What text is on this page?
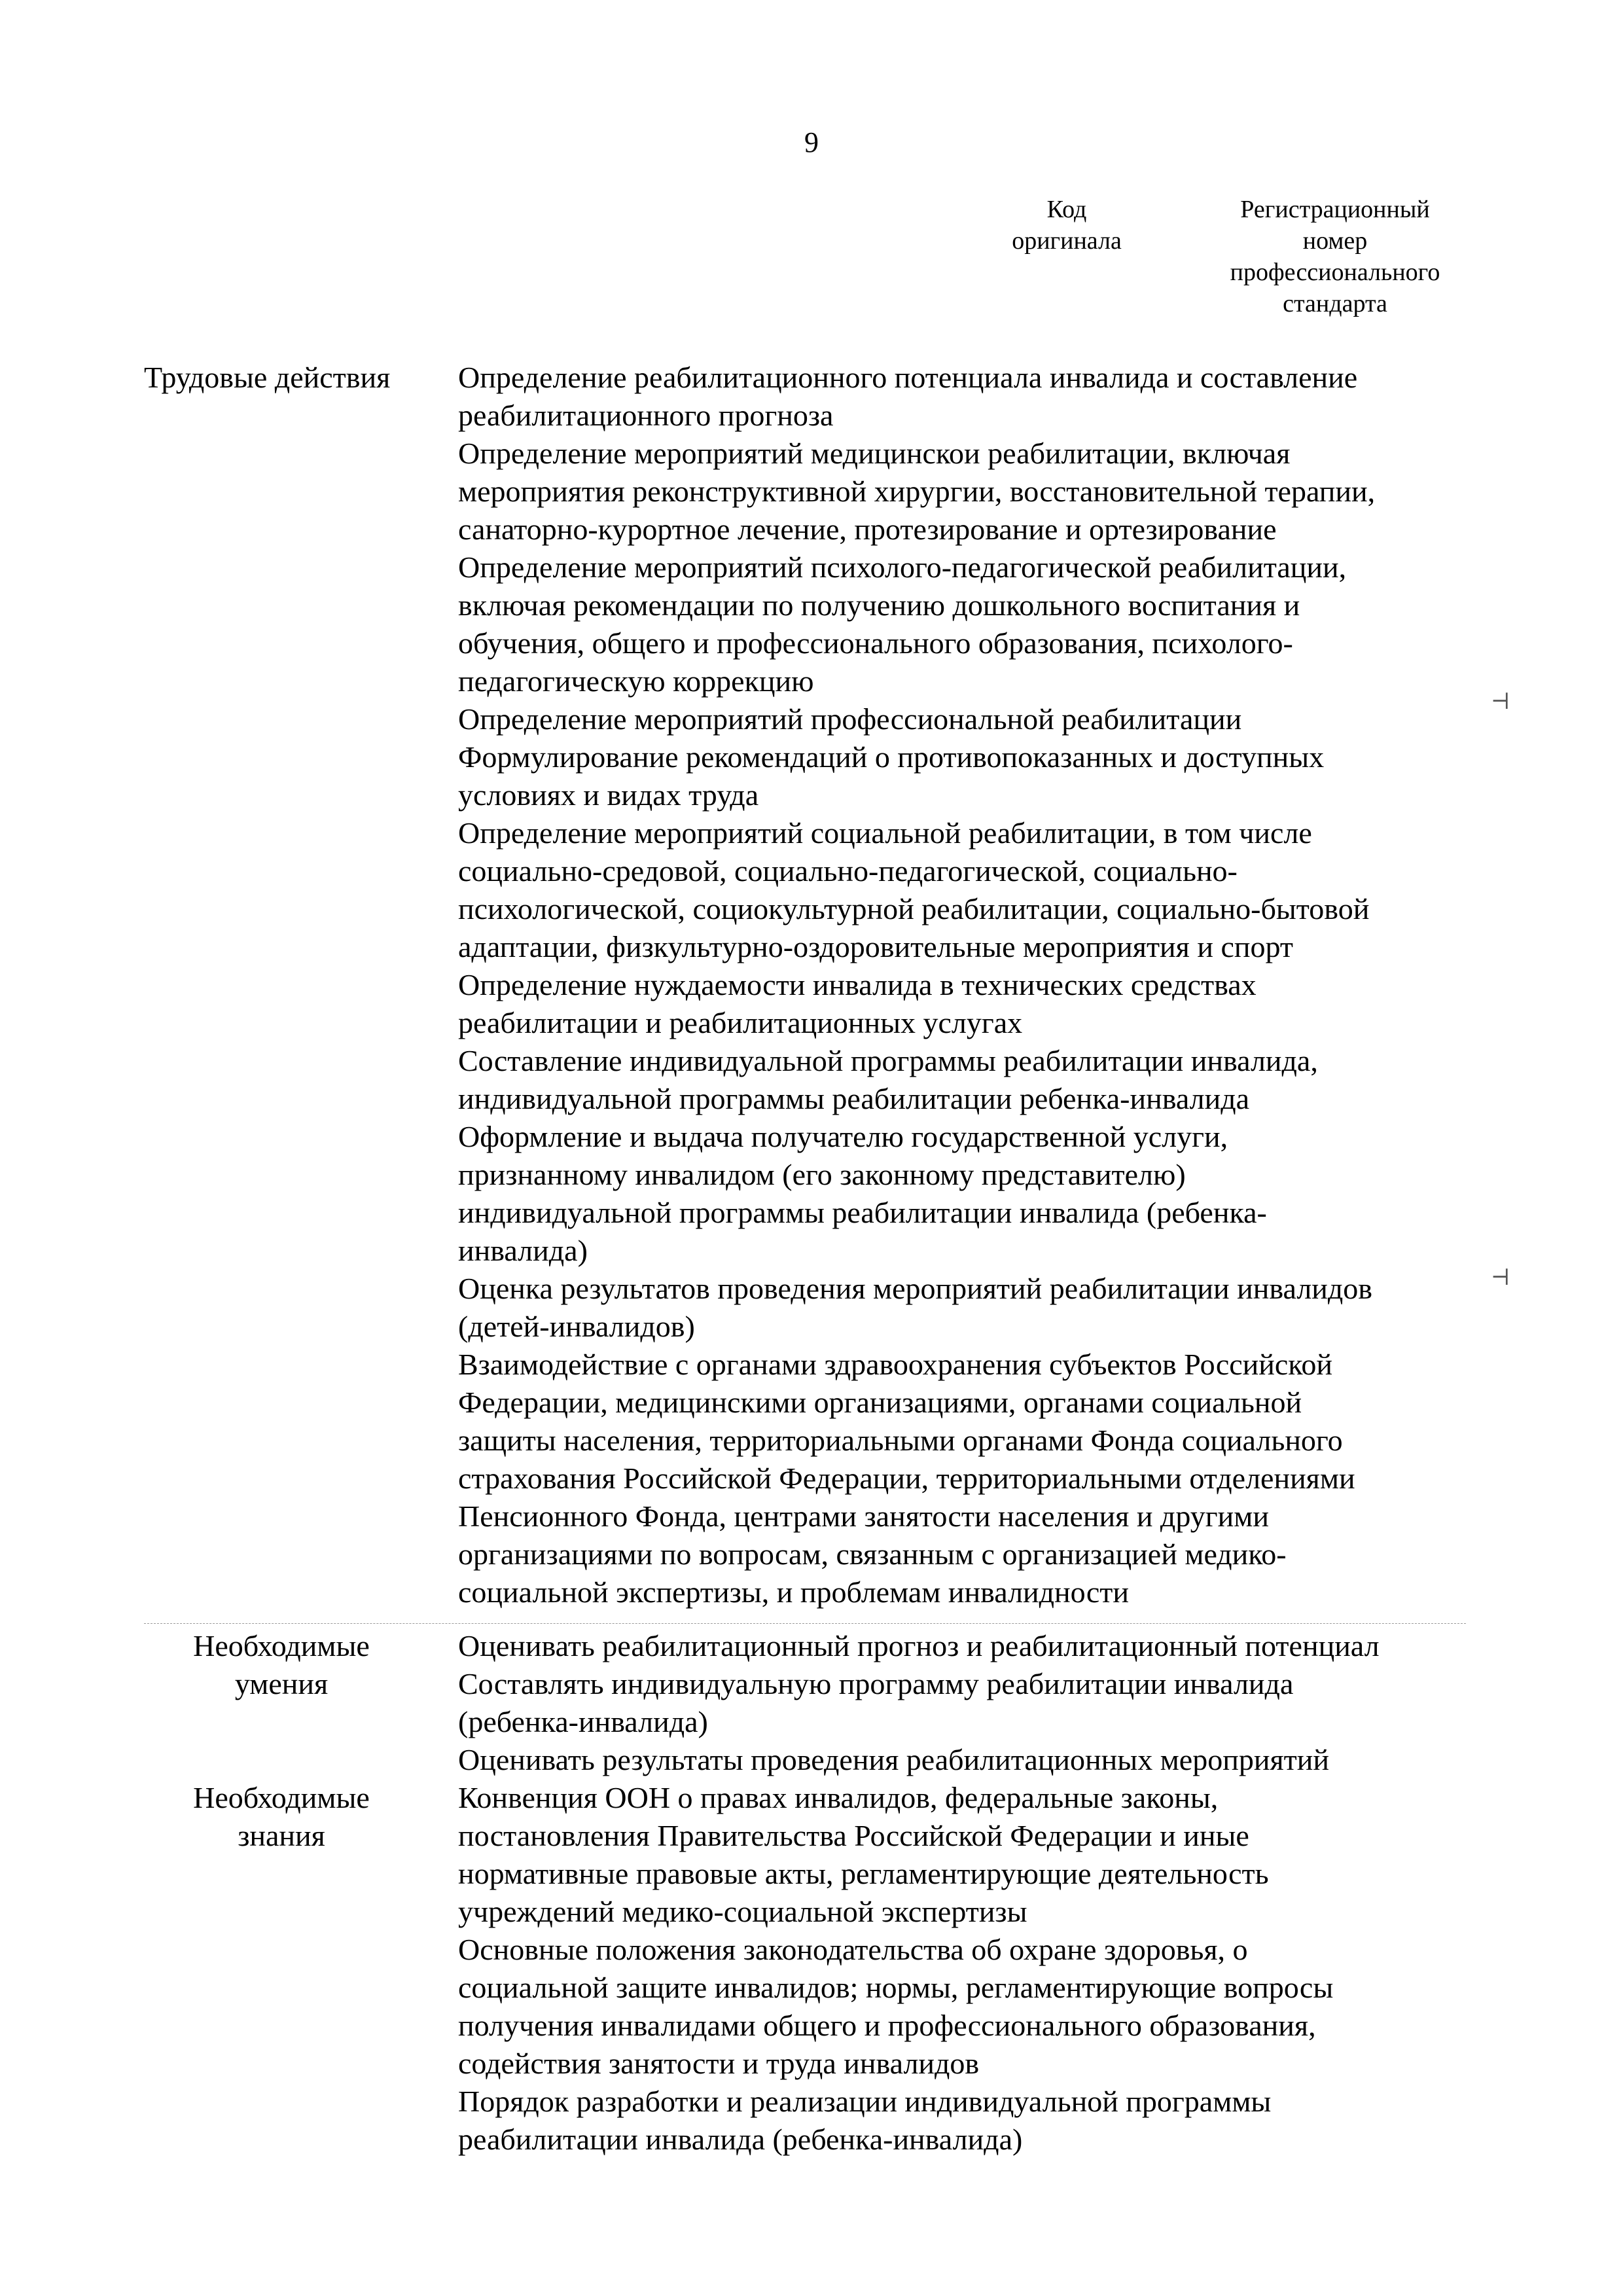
9
Код
оригинала
Регистрационный
номер
профессионального
стандарта
Трудовые действия	Определение реабилитационного потенциала инвалида и составление
реабилитационного прогноза
Определение мероприятий медицинскои реабилитации, включая
мероприятия реконструктивной хирургии, восстановительной терапии,
санаторно-курортное лечение, протезирование и ортезирование
Определение мероприятий психолого-педагогической реабилитации,
включая рекомендации по получению дошкольного воспитания и
обучения, общего и профессионального образования, психолого-
педагогическую коррекцию
Определение мероприятий профессиональной реабилитации
Формулирование рекомендаций о противопоказанных и доступных
условиях и видах труда
Определение мероприятий социальной реабилитации, в том числе
социально-средовой, социально-педагогической, социально-
психологической, социокультурной реабилитации, социально-бытовой
адаптации, физкультурно-оздоровительные мероприятия и спорт
Определение нуждаемости инвалида в технических средствах
реабилитации и реабилитационных услугах
Составление индивидуальной программы реабилитации инвалида,
индивидуальной программы реабилитации ребенка-инвалида
Оформление и выдача получателю государственной услуги,
признанному инвалидом (его законному представителю)
индивидуальной программы реабилитации инвалида (ребенка-
инвалида)
Оценка результатов проведения мероприятий реабилитации инвалидов
(детей-инвалидов)
Взаимодействие с органами здравоохранения субъектов Российской
Федерации, медицинскими организациями, органами социальной
защиты населения, территориальными органами Фонда социального
страхования Российской Федерации, территориальными отделениями
Пенсионного Фонда, центрами занятости населения и другими
организациями по вопросам, связанным с организацией медико-
социальной экспертизы, и проблемам инвалидности
Необходимые
умения
Оценивать реабилитационный прогноз и реабилитационный потенциал
Составлять индивидуальную программу реабилитации инвалида
(ребенка-инвалида)
Оценивать результаты проведения реабилитационных мероприятий
Необходимые
знания
Конвенция ООН о правах инвалидов, федеральные законы,
постановления Правительства Российской Федерации и иные
нормативные правовые акты, регламентирующие деятельность
учреждений медико-социальной экспертизы
Основные положения законодательства об охране здоровья, о
социальной защите инвалидов; нормы, регламентирующие вопросы
получения инвалидами общего и профессионального образования,
содействия занятости и труда инвалидов
Порядок разработки и реализации индивидуальной программы
реабилитации инвалида (ребенка-инвалида)
⊣
⊣
